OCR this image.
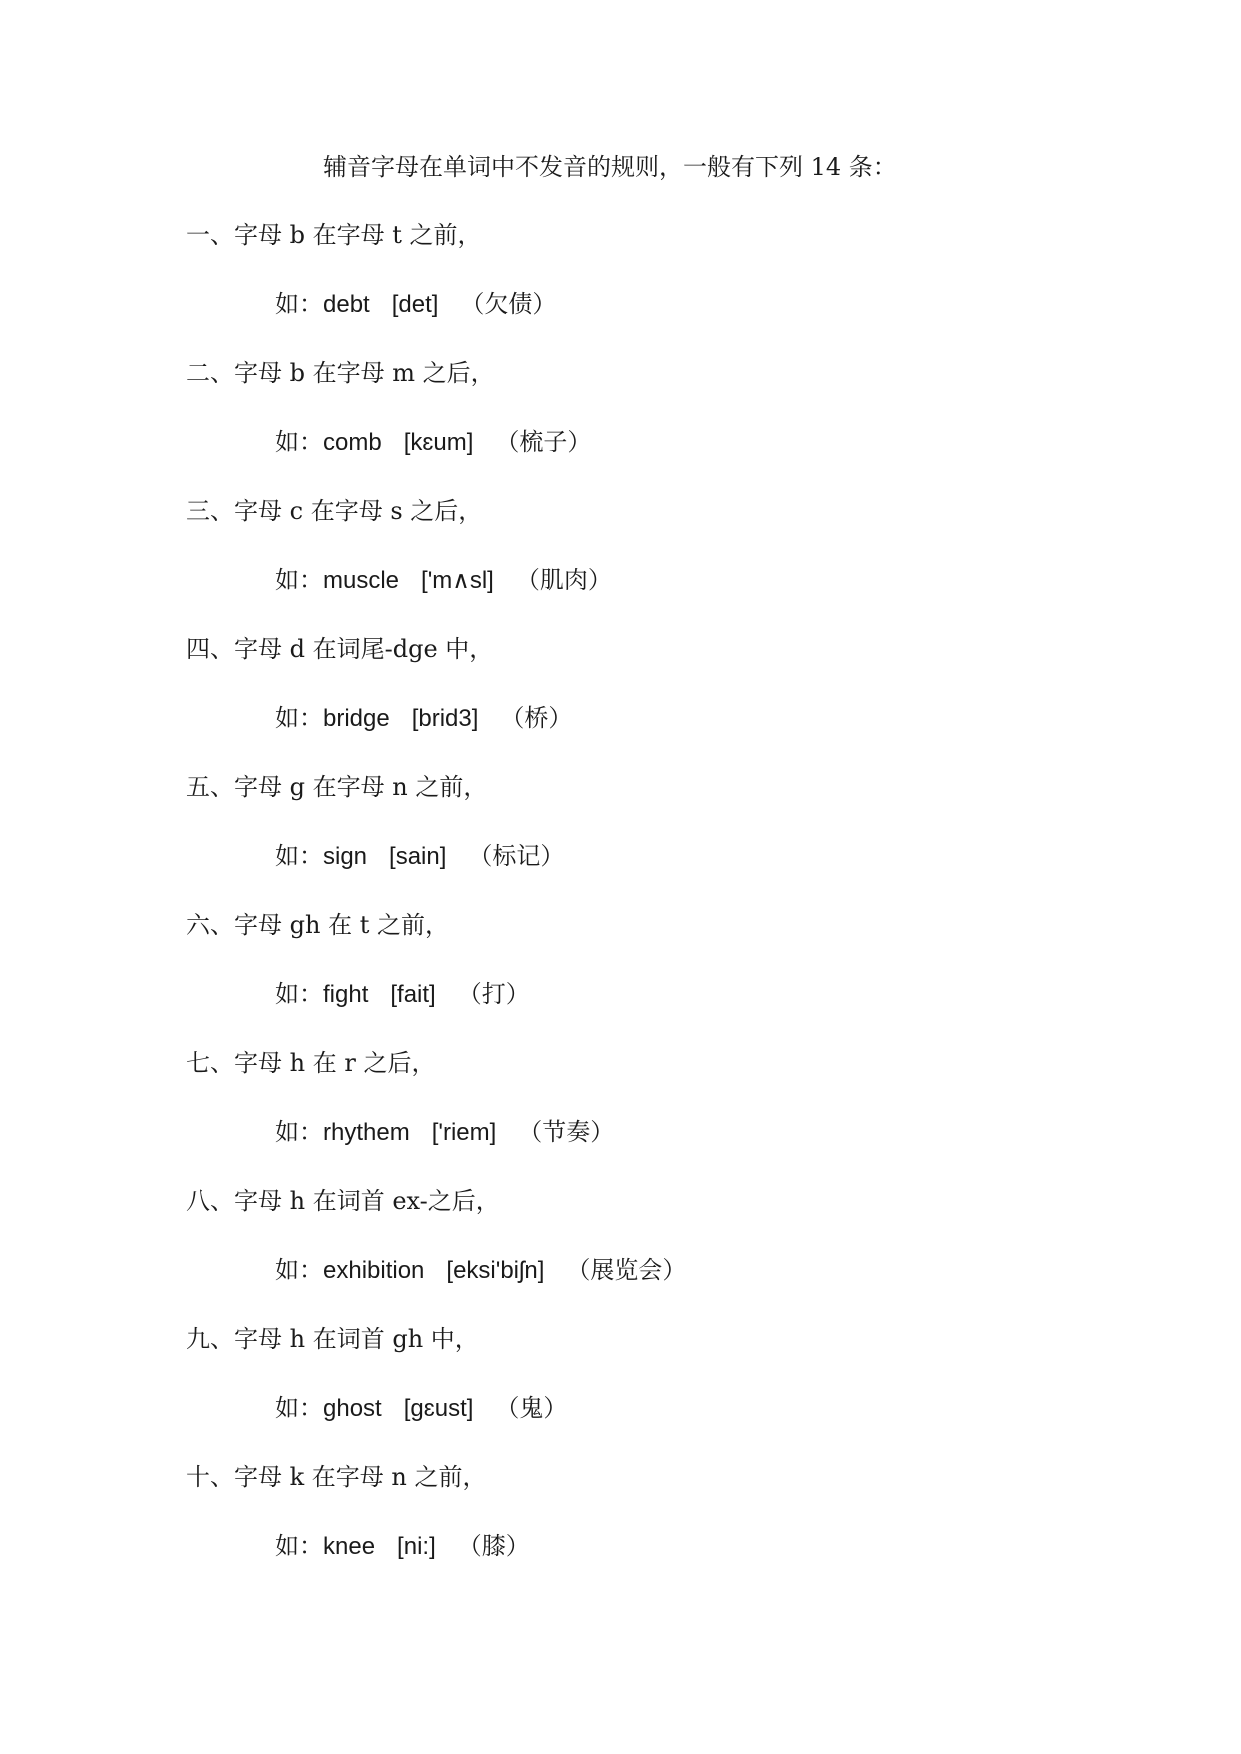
辅音字母在单词中不发音的规则，一般有下列 14 条：
一、字母 b 在字母 t 之前，
如：debt [det] （欠债）
二、字母 b 在字母 m 之后，
如：comb [kɛum] （梳子）
三、字母 c 在字母 s 之后，
如：muscle ['m∧sl] （肌肉）
四、字母 d 在词尾-dge 中，
如：bridge [brid3] （桥）
五、字母 g 在字母 n 之前，
如：sign [sain] （标记）
六、字母 gh 在 t 之前，
如：fight [fait] （打）
七、字母 h 在 r 之后，
如：rhythem ['riem] （节奏）
八、字母 h 在词首 ex-之后，
如：exhibition [eksi'biʃn] （展览会）
九、字母 h 在词首 gh 中，
如：ghost [gɛust] （鬼）
十、字母 k 在字母 n 之前，
如：knee [ni:] （膝）
